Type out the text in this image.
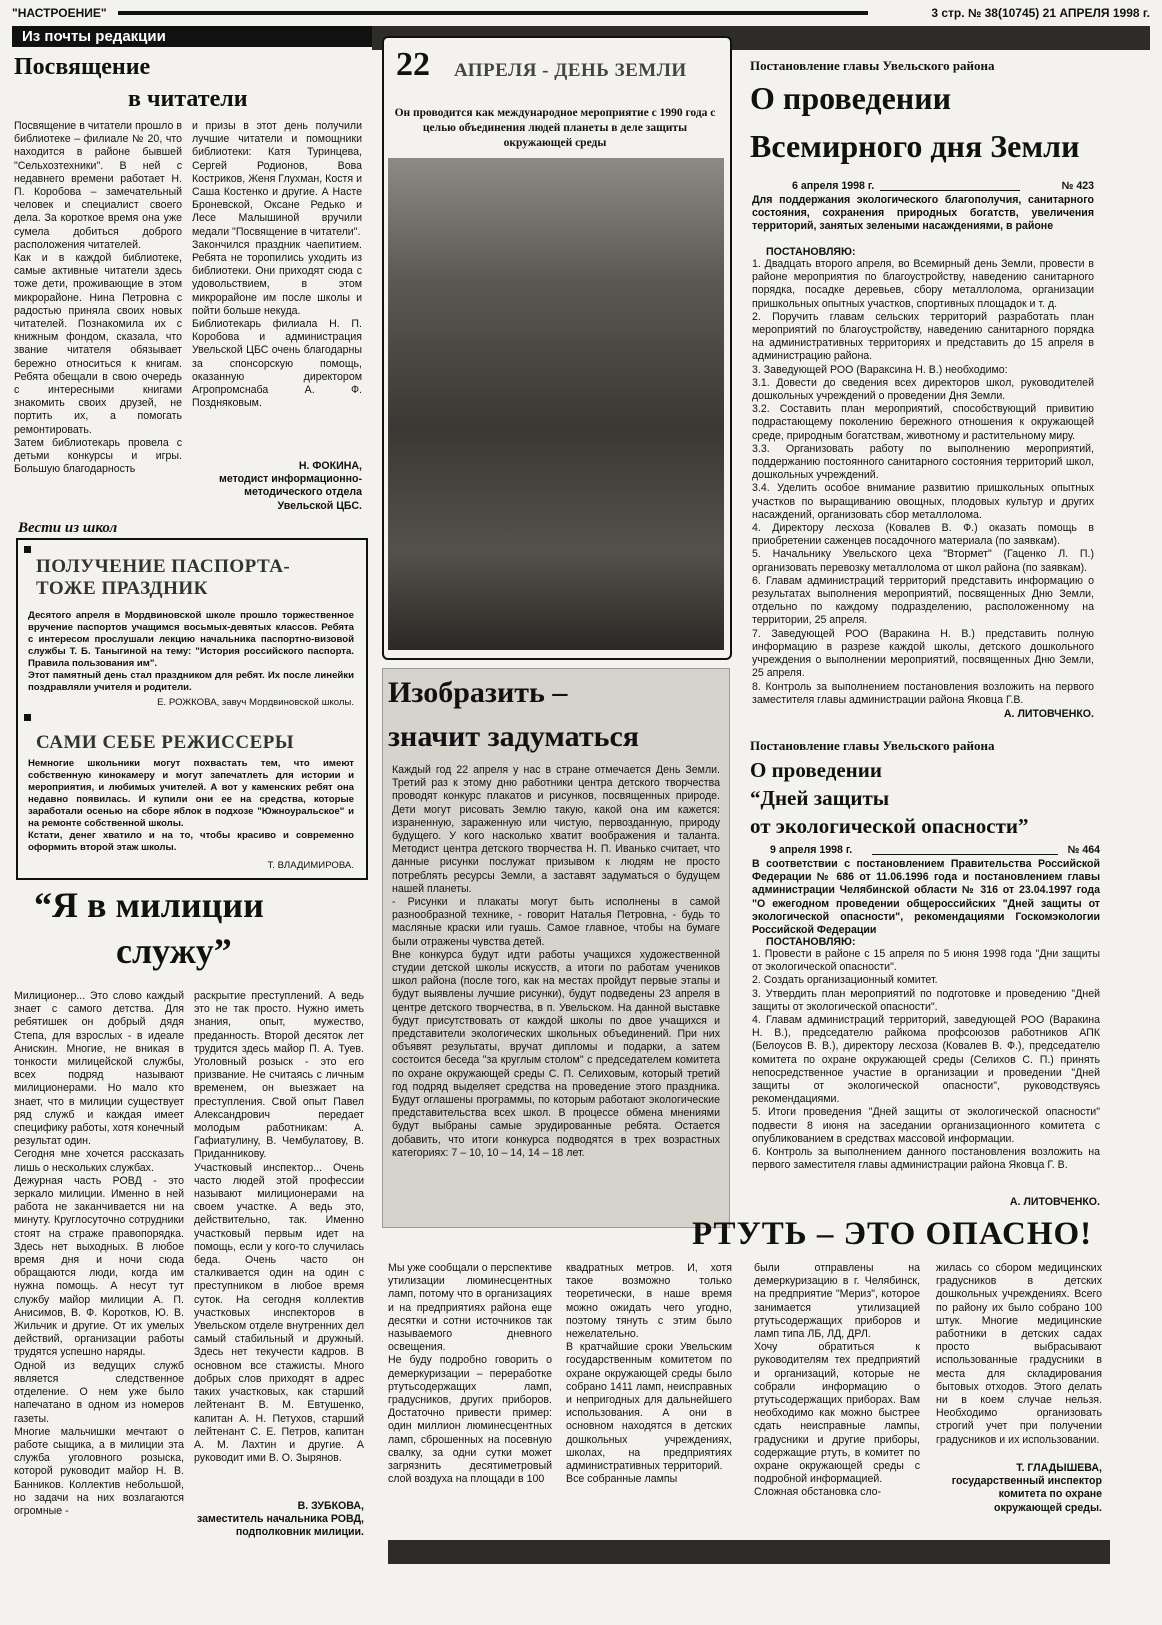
"НАСТРОЕНИЕ"	3 стр. № 38(10745) 21 АПРЕЛЯ 1998 г.
Из почты редакции
Посвящение
в читатели

Посвящение в читатели прошло в библиотеке – филиале № 20, что находится в районе бывшей "Сельхозтехники". В ней с недавнего времени работает Н. П. Коробова – замечательный человек и специалист своего дела. За короткое время она уже сумела добиться доброго расположения читателей.
Как и в каждой библиотеке, самые активные читатели здесь тоже дети, проживающие в этом микрорайоне. Нина Петровна с радостью приняла своих новых читателей. Познакомила их с книжным фондом, сказала, что звание читателя обязывает бережно относиться к книгам. Ребята обещали в свою очередь с интересными книгами знакомить своих друзей, не портить их, а помогать ремонтировать.
Затем библиотекарь провела с детьми конкурсы и игры. Большую благодарность

и призы в этот день получили лучшие читатели и помощники библиотеки: Катя Туринцева, Сергей Родионов, Вова Костриков, Женя Глухман, Костя и Саша Костенко и другие. А Насте Броневской, Оксане Редько и Лесе Малышиной вручили медали "Посвящение в читатели".
Закончился праздник чаепитием. Ребята не торопились уходить из библиотеки. Они приходят сюда с удовольствием, в этом микрорайоне им после школы и пойти больше некуда.
Библиотекарь филиала Н. П. Коробова и администрация Увельской ЦБС очень благодарны за спонсорскую помощь, оказанную директором Агропромснаба А. Ф. Поздняковым.

Н. ФОКИНА,
методист информационно-методического отдела
Увельской ЦБС.

Вести из школ
ПОЛУЧЕНИЕ ПАСПОРТА-
ТОЖЕ ПРАЗДНИК

Десятого апреля в Мордвиновской школе прошло торжественное вручение паспортов учащимся восьмых-девятых классов. Ребята с интересом прослушали лекцию начальника паспортно-визовой службы Т. Б. Таныгиной на тему: "История российского паспорта. Правила пользования им".
Этот памятный день стал праздником для ребят. Их после линейки поздравляли учителя и родители.

Е. РОЖКОВА, завуч Мордвиновской школы.
САМИ СЕБЕ РЕЖИССЕРЫ

Немногие школьники могут похвастать тем, что имеют собственную кинокамеру и могут запечатлеть для истории и мероприятия, и любимых учителей. А вот у каменских ребят она недавно появилась. И купили они ее на средства, которые заработали осенью на сборе яблок в подхозе "Южноуральское" и на ремонте собственной школы.
Кстати, денег хватило и на то, чтобы красиво и современно оформить второй этаж школы.

Т. ВЛАДИМИРОВА.
“Я в милиции
служу”

Милиционер... Это слово каждый знает с самого детства. Для ребятишек он добрый дядя Степа, для взрослых - в идеале Анискин. Многие, не вникая в тонкости милицейской службы, всех подряд называют милиционерами. Но мало кто знает, что в милиции существует ряд служб и каждая имеет специфику работы, хотя конечный результат один.
Сегодня мне хочется рассказать лишь о нескольких службах.
Дежурная часть РОВД - это зеркало милиции. Именно в ней работа не заканчивается ни на минуту. Круглосуточно сотрудники стоят на страже правопорядка. Здесь нет выходных. В любое время дня и ночи сюда обращаются люди, когда им нужна помощь. А несут тут службу майор милиции А. П. Анисимов, В. Ф. Коротков, Ю. В. Жильчик и другие. От их умелых действий, организации работы трудятся успешно наряды.
Одной из ведущих служб является следственное отделение. О нем уже было напечатано в одном из номеров газеты.
Многие мальчишки мечтают о работе сыщика, а в милиции эта служба уголовного розыска, которой руководит майор Н. В. Банников. Коллектив небольшой, но задачи на них возлагаются огромные -

раскрытие преступлений. А ведь это не так просто. Нужно иметь знания, опыт, мужество, преданность. Второй десяток лет трудится здесь майор П. А. Туев. Уголовный розыск - это его призвание. Не считаясь с личным временем, он выезжает на преступления. Свой опыт Павел Александрович передает молодым работникам: А. Гафиатулину, В. Чембулатову, В. Приданникову.
Участковый инспектор... Очень часто людей этой профессии называют милиционерами на своем участке. А ведь это, действительно, так. Именно участковый первым идет на помощь, если у кого-то случилась беда. Очень часто он сталкивается один на один с преступником в любое время суток. На сегодня коллектив участковых инспекторов в Увельском отделе внутренних дел самый стабильный и дружный. Здесь нет текучести кадров. В основном все стажисты. Много добрых слов приходят в адрес таких участковых, как старший лейтенант В. М. Евтушенко, капитан А. Н. Петухов, старший лейтенант С. Е. Петров, капитан А. М. Лахтин и другие. А руководит ими В. О. Зырянов.

В. ЗУБКОВА,
заместитель начальника РОВД, подполковник милиции.

22 АПРЕЛЯ - ДЕНЬ ЗЕМЛИ

Он проводится как международное мероприятие с 1990 года с целью объединения людей планеты в деле защиты окружающей среды

Изобразить –
значит задуматься

Каждый год 22 апреля у нас в стране отмечается День Земли. Третий раз к этому дню работники центра детского творчества проводят конкурс плакатов и рисунков, посвященных природе. Дети могут рисовать Землю такую, какой она им кажется: израненную, зараженную или чистую, первозданную, природу будущего. У кого насколько хватит воображения и таланта. Методист центра детского творчества Н. П. Иванько считает, что данные рисунки послужат призывом к людям не просто потреблять ресурсы Земли, а заставят задуматься о будущем нашей планеты.
- Рисунки и плакаты могут быть исполнены в самой разнообразной технике, - говорит Наталья Петровна, - будь то масляные краски или гуашь. Самое главное, чтобы на бумаге были отражены чувства детей.
Вне конкурса будут идти работы учащихся художественной студии детской школы искусств, а итоги по работам учеников школ района (после того, как на местах пройдут первые этапы и будут выявлены лучшие рисунки), будут подведены 23 апреля в центре детского творчества, в п. Увельском. На данной выставке будут присутствовать от каждой школы по двое учащихся и представители экологических школьных объединений. При них объявят результаты, вручат дипломы и подарки, а затем состоится беседа "за круглым столом" с председателем комитета по охране окружающей среды С. П. Селиховым, который третий год подряд выделяет средства на проведение этого праздника. Будут оглашены программы, по которым работают экологические представительства всех школ. В процессе обмена мнениями будут выбраны самые эрудированные ребята. Остается добавить, что итоги конкурса подводятся в трех возрастных категориях: 7 – 10, 10 – 14, 14 – 18 лет.

Постановление главы Увельского района
О проведении
Всемирного дня Земли
6 апреля 1998 г.	№ 423

Для поддержания экологического благополучия, санитарного состояния, сохранения природных богатств, увеличения территорий, занятых зелеными насаждениями, в районе

ПОСТАНОВЛЯЮ:

1. Двадцать второго апреля, во Всемирный день Земли, провести в районе мероприятия по благоустройству, наведению санитарного порядка, посадке деревьев, сбору металлолома, организации пришкольных опытных участков, спортивных площадок и т. д.
2. Поручить главам сельских территорий разработать план мероприятий по благоустройству, наведению санитарного порядка на административных территориях и представить до 15 апреля в администрацию района.
3. Заведующей РОО (Вараксина Н. В.) необходимо:
3.1. Довести до сведения всех директоров школ, руководителей дошкольных учреждений о проведении Дня Земли.
3.2. Составить план мероприятий, способствующий привитию подрастающему поколению бережного отношения к окружающей среде, природным богатствам, животному и растительному миру.
3.3. Организовать работу по выполнению мероприятий, поддержанию постоянного санитарного состояния территорий школ, дошкольных учреждений.
3.4. Уделить особое внимание развитию пришкольных опытных участков по выращиванию овощных, плодовых культур и других насаждений, организовать сбор металлолома.
4. Директору лесхоза (Ковалев В. Ф.) оказать помощь в приобретении саженцев посадочного материала (по заявкам).
5. Начальнику Увельского цеха "Втормет" (Гаценко Л. П.) организовать перевозку металлолома от школ района (по заявкам).
6. Главам администраций территорий представить информацию о результатах выполнения мероприятий, посвященных Дню Земли, отдельно по каждому подразделению, расположенному на территории, 25 апреля.
7. Заведующей РОО (Варакина Н. В.) представить полную информацию в разрезе каждой школы, детского дошкольного учреждения о выполнении мероприятий, посвященных Дню Земли, 25 апреля.
8. Контроль за выполнением постановления возложить на первого заместителя главы администрации района Яковца Г.В.

А. ЛИТОВЧЕНКО.
Постановление главы Увельского района
О проведении
“Дней защиты
от экологической опасности”
9 апреля 1998 г.	№ 464

В соответствии с постановлением Правительства Российской Федерации № 686 от 11.06.1996 года и постановлением главы администрации Челябинской области № 316 от 23.04.1997 года "О ежегодном проведении общероссийских "Дней защиты от экологической опасности", рекомендациями Госкомэкологии Российской Федерации

ПОСТАНОВЛЯЮ:

1. Провести в районе с 15 апреля по 5 июня 1998 года "Дни защиты от экологической опасности".
2. Создать организационный комитет.
3. Утвердить план мероприятий по подготовке и проведению "Дней защиты от экологической опасности".
4. Главам администраций территорий, заведующей РОО (Варакина Н. В.), председателю райкома профсоюзов работников АПК (Белоусов В. В.), директору лесхоза (Ковалев В. Ф.), председателю комитета по охране окружающей среды (Селихов С. П.) принять непосредственное участие в организации и проведении "Дней защиты от экологической опасности", руководствуясь рекомендациями.
5. Итоги проведения "Дней защиты от экологической опасности" подвести 8 июня на заседании организационного комитета с опубликованием в средствах массовой информации.
6. Контроль за выполнением данного постановления возложить на первого заместителя главы администрации района Яковца Г. В.

А. ЛИТОВЧЕНКО.
РТУТЬ – ЭТО ОПАСНО!

Мы уже сообщали о перспективе утилизации люминесцентных ламп, потому что в организациях и на предприятиях района еще десятки и сотни источников так называемого дневного освещения.
Не буду подробно говорить о демеркуризации – переработке ртутьсодержащих ламп, градусников, других приборов. Достаточно привести пример: один миллион люминесцентных ламп, сброшенных на посевную свалку, за одни сутки может загрязнить десятиметровый слой воздуха на площади в 100

квадратных метров. И, хотя такое возможно только теоретически, в наше время можно ожидать чего угодно, поэтому тянуть с этим было нежелательно.
В кратчайшие сроки Увельским государственным комитетом по охране окружающей среды было собрано 1411 ламп, неисправных и непригодных для дальнейшего использования. А они в основном находятся в детских дошкольных учреждениях, школах, на предприятиях административных территорий.
Все собранные лампы

были отправлены на демеркуризацию в г. Челябинск, на предприятие "Мериз", которое занимается утилизацией ртутьсодержащих приборов и ламп типа ЛБ, ЛД, ДРЛ.
Хочу обратиться к руководителям тех предприятий и организаций, которые не собрали информацию о ртутьсодержащих приборах. Вам необходимо как можно быстрее сдать неисправные лампы, градусники и другие приборы, содержащие ртуть, в комитет по охране окружающей среды с подробной информацией.
Сложная обстановка сло-

жилась со сбором медицинских градусников в детских дошкольных учреждениях. Всего по району их было собрано 100 штук. Многие медицинские работники в детских садах просто выбрасывают использованные градусники в места для складирования бытовых отходов. Этого делать ни в коем случае нельзя. Необходимо организовать строгий учет при получении градусников и их использовании.

Т. ГЛАДЫШЕВА,
государственный инспектор комитета по охране окружающей среды.
